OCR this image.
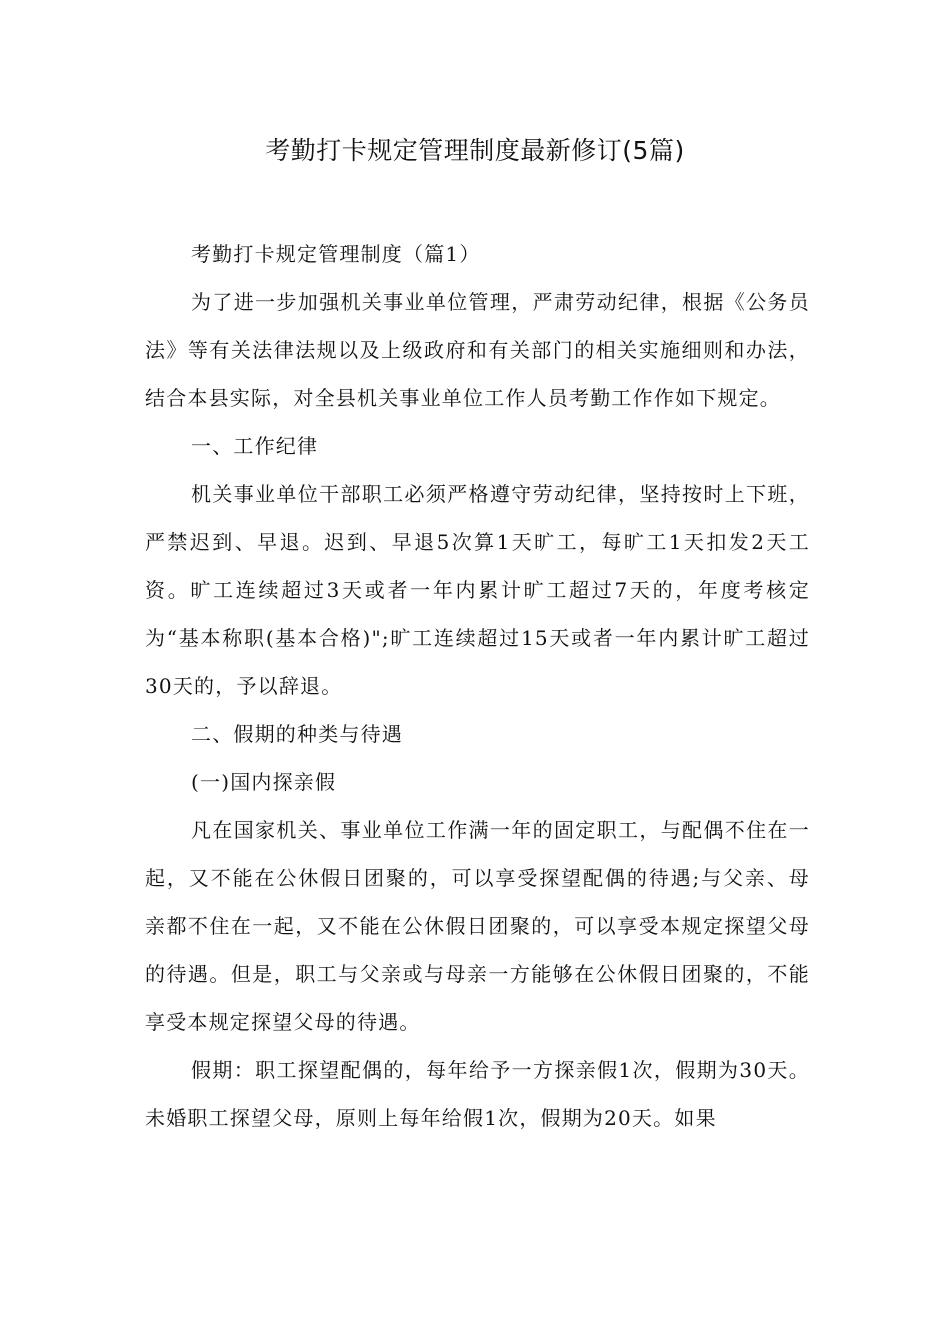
考勤打卡规定管理制度最新修订(5篇)

考勤打卡规定管理制度（篇1）

为了进一步加强机关事业单位管理，严肃劳动纪律，根据《公务员法》等有关法律法规以及上级政府和有关部门的相关实施细则和办法，结合本县实际，对全县机关事业单位工作人员考勤工作作如下规定。

一、工作纪律

机关事业单位干部职工必须严格遵守劳动纪律，坚持按时上下班，严禁迟到、早退。迟到、早退5次算1天旷工，每旷工1天扣发2天工资。旷工连续超过3天或者一年内累计旷工超过7天的，年度考核定为“基本称职(基本合格)";旷工连续超过15天或者一年内累计旷工超过30天的，予以辞退。

二、假期的种类与待遇

(一)国内探亲假

凡在国家机关、事业单位工作满一年的固定职工，与配偶不住在一起，又不能在公休假日团聚的，可以享受探望配偶的待遇;与父亲、母亲都不住在一起，又不能在公休假日团聚的，可以享受本规定探望父母的待遇。但是，职工与父亲或与母亲一方能够在公休假日团聚的，不能享受本规定探望父母的待遇。

假期：职工探望配偶的，每年给予一方探亲假1次，假期为30天。未婚职工探望父母，原则上每年给假1次，假期为20天。如果
